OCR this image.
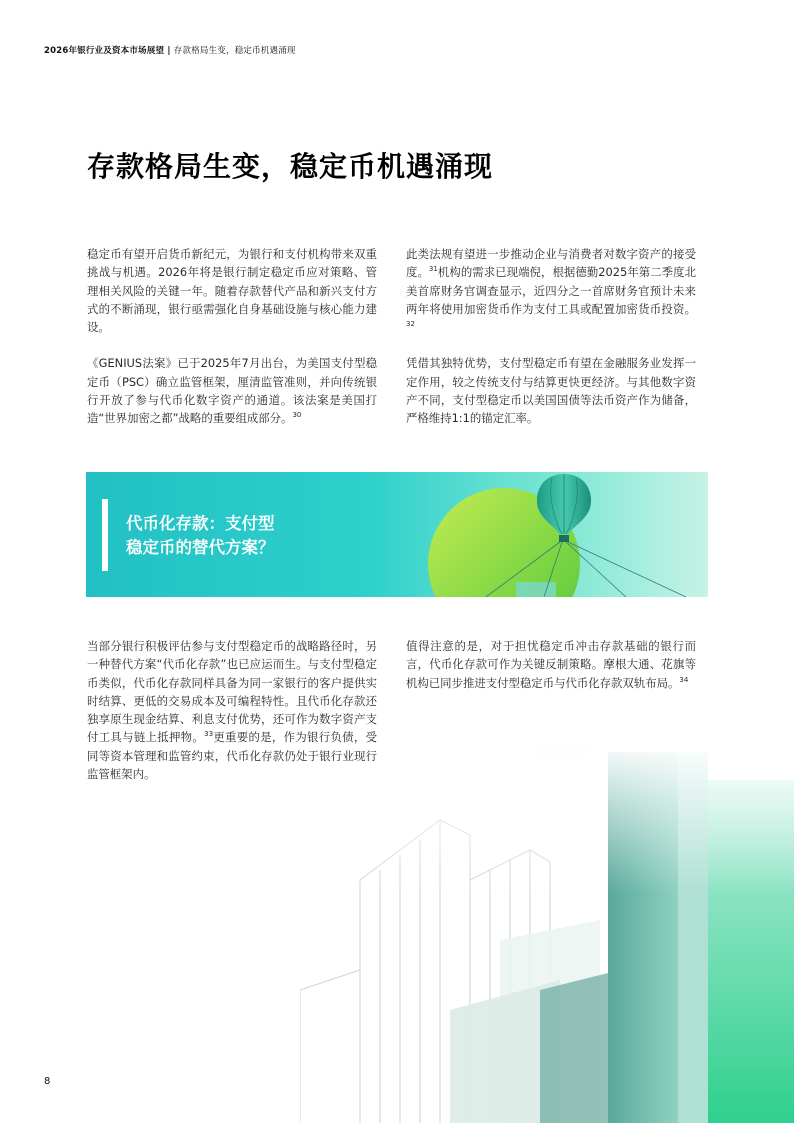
2026年银行业及资本市场展望 | 存款格局生变，稳定币机遇涌现
存款格局生变，稳定币机遇涌现

稳定币有望开启货币新纪元，为银行和支付机构带来双重挑战与机遇。2026年将是银行制定稳定币应对策略、管理相关风险的关键一年。随着存款替代产品和新兴支付方式的不断涌现，银行亟需强化自身基础设施与核心能力建设。

《GENIUS法案》已于2025年7月出台，为美国支付型稳定币（PSC）确立监管框架，厘清监管准则，并向传统银行开放了参与代币化数字资产的通道。该法案是美国打造“世界加密之都”战略的重要组成部分。$^{30}$

此类法规有望进一步推动企业与消费者对数字资产的接受度。$^{31}$机构的需求已现端倪，根据德勤2025年第二季度北美首席财务官调查显示，近四分之一首席财务官预计未来两年将使用加密货币作为支付工具或配置加密货币投资。$^{32}$

凭借其独特优势，支付型稳定币有望在金融服务业发挥一定作用，较之传统支付与结算更快更经济。与其他数字资产不同，支付型稳定币以美国国债等法币资产作为储备，严格维持1:1的锚定汇率。

代币化存款：支付型
稳定币的替代方案？

当部分银行积极评估参与支付型稳定币的战略路径时，另一种替代方案“代币化存款”也已应运而生。与支付型稳定币类似，代币化存款同样具备为同一家银行的客户提供实时结算、更低的交易成本及可编程特性。且代币化存款还独享原生现金结算、利息支付优势，还可作为数字资产支付工具与链上抵押物。$^{33}$更重要的是，作为银行负债，受同等资本管理和监管约束，代币化存款仍处于银行业现行监管框架内。

值得注意的是，对于担忧稳定币冲击存款基础的银行而言，代币化存款可作为关键反制策略。摩根大通、花旗等机构已同步推进支付型稳定币与代币化存款双轨布局。$^{34}$

8
